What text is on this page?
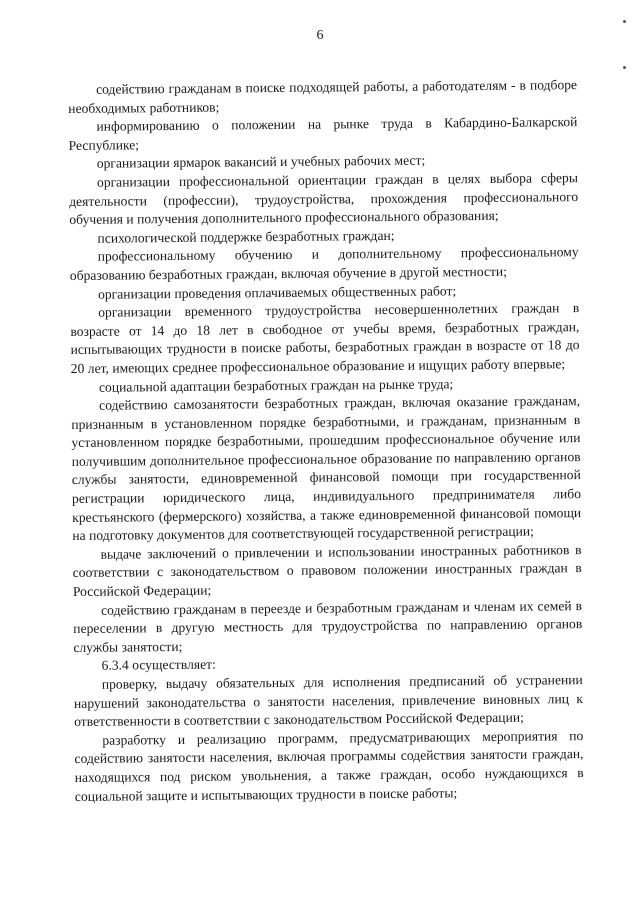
6

содействию гражданам в поиске подходящей работы, а работодателям - в подборе необходимых работников;

информированию о положении на рынке труда в Кабардино-Балкарской Республике;

организации ярмарок вакансий и учебных рабочих мест;

организации профессиональной ориентации граждан в целях выбора сферы деятельности (профессии), трудоустройства, прохождения профессионального обучения и получения дополнительного профессионального образования;

психологической поддержке безработных граждан;

профессиональному обучению и дополнительному профессиональному образованию безработных граждан, включая обучение в другой местности;

организации проведения оплачиваемых общественных работ;

организации временного трудоустройства несовершеннолетних граждан в возрасте от 14 до 18 лет в свободное от учебы время, безработных граждан, испытывающих трудности в поиске работы, безработных граждан в возрасте от 18 до 20 лет, имеющих среднее профессиональное образование и ищущих работу впервые;

социальной адаптации безработных граждан на рынке труда;

содействию самозанятости безработных граждан, включая оказание гражданам, признанным в установленном порядке безработными, и гражданам, признанным в установленном порядке безработными, прошедшим профессиональное обучение или получившим дополнительное профессиональное образование по направлению органов службы занятости, единовременной финансовой помощи при государственной регистрации юридического лица, индивидуального предпринимателя либо крестьянского (фермерского) хозяйства, а также единовременной финансовой помощи на подготовку документов для соответствующей государственной регистрации;

выдаче заключений о привлечении и использовании иностранных работников в соответствии с законодательством о правовом положении иностранных граждан в Российской Федерации;

содействию гражданам в переезде и безработным гражданам и членам их семей в переселении в другую местность для трудоустройства по направлению органов службы занятости;

6.3.4 осуществляет:

проверку, выдачу обязательных для исполнения предписаний об устранении нарушений законодательства о занятости населения, привлечение виновных лиц к ответственности в соответствии с законодательством Российской Федерации;

разработку и реализацию программ, предусматривающих мероприятия по содействию занятости населения, включая программы содействия занятости граждан, находящихся под риском увольнения, а также граждан, особо нуждающихся в социальной защите и испытывающих трудности в поиске работы;
